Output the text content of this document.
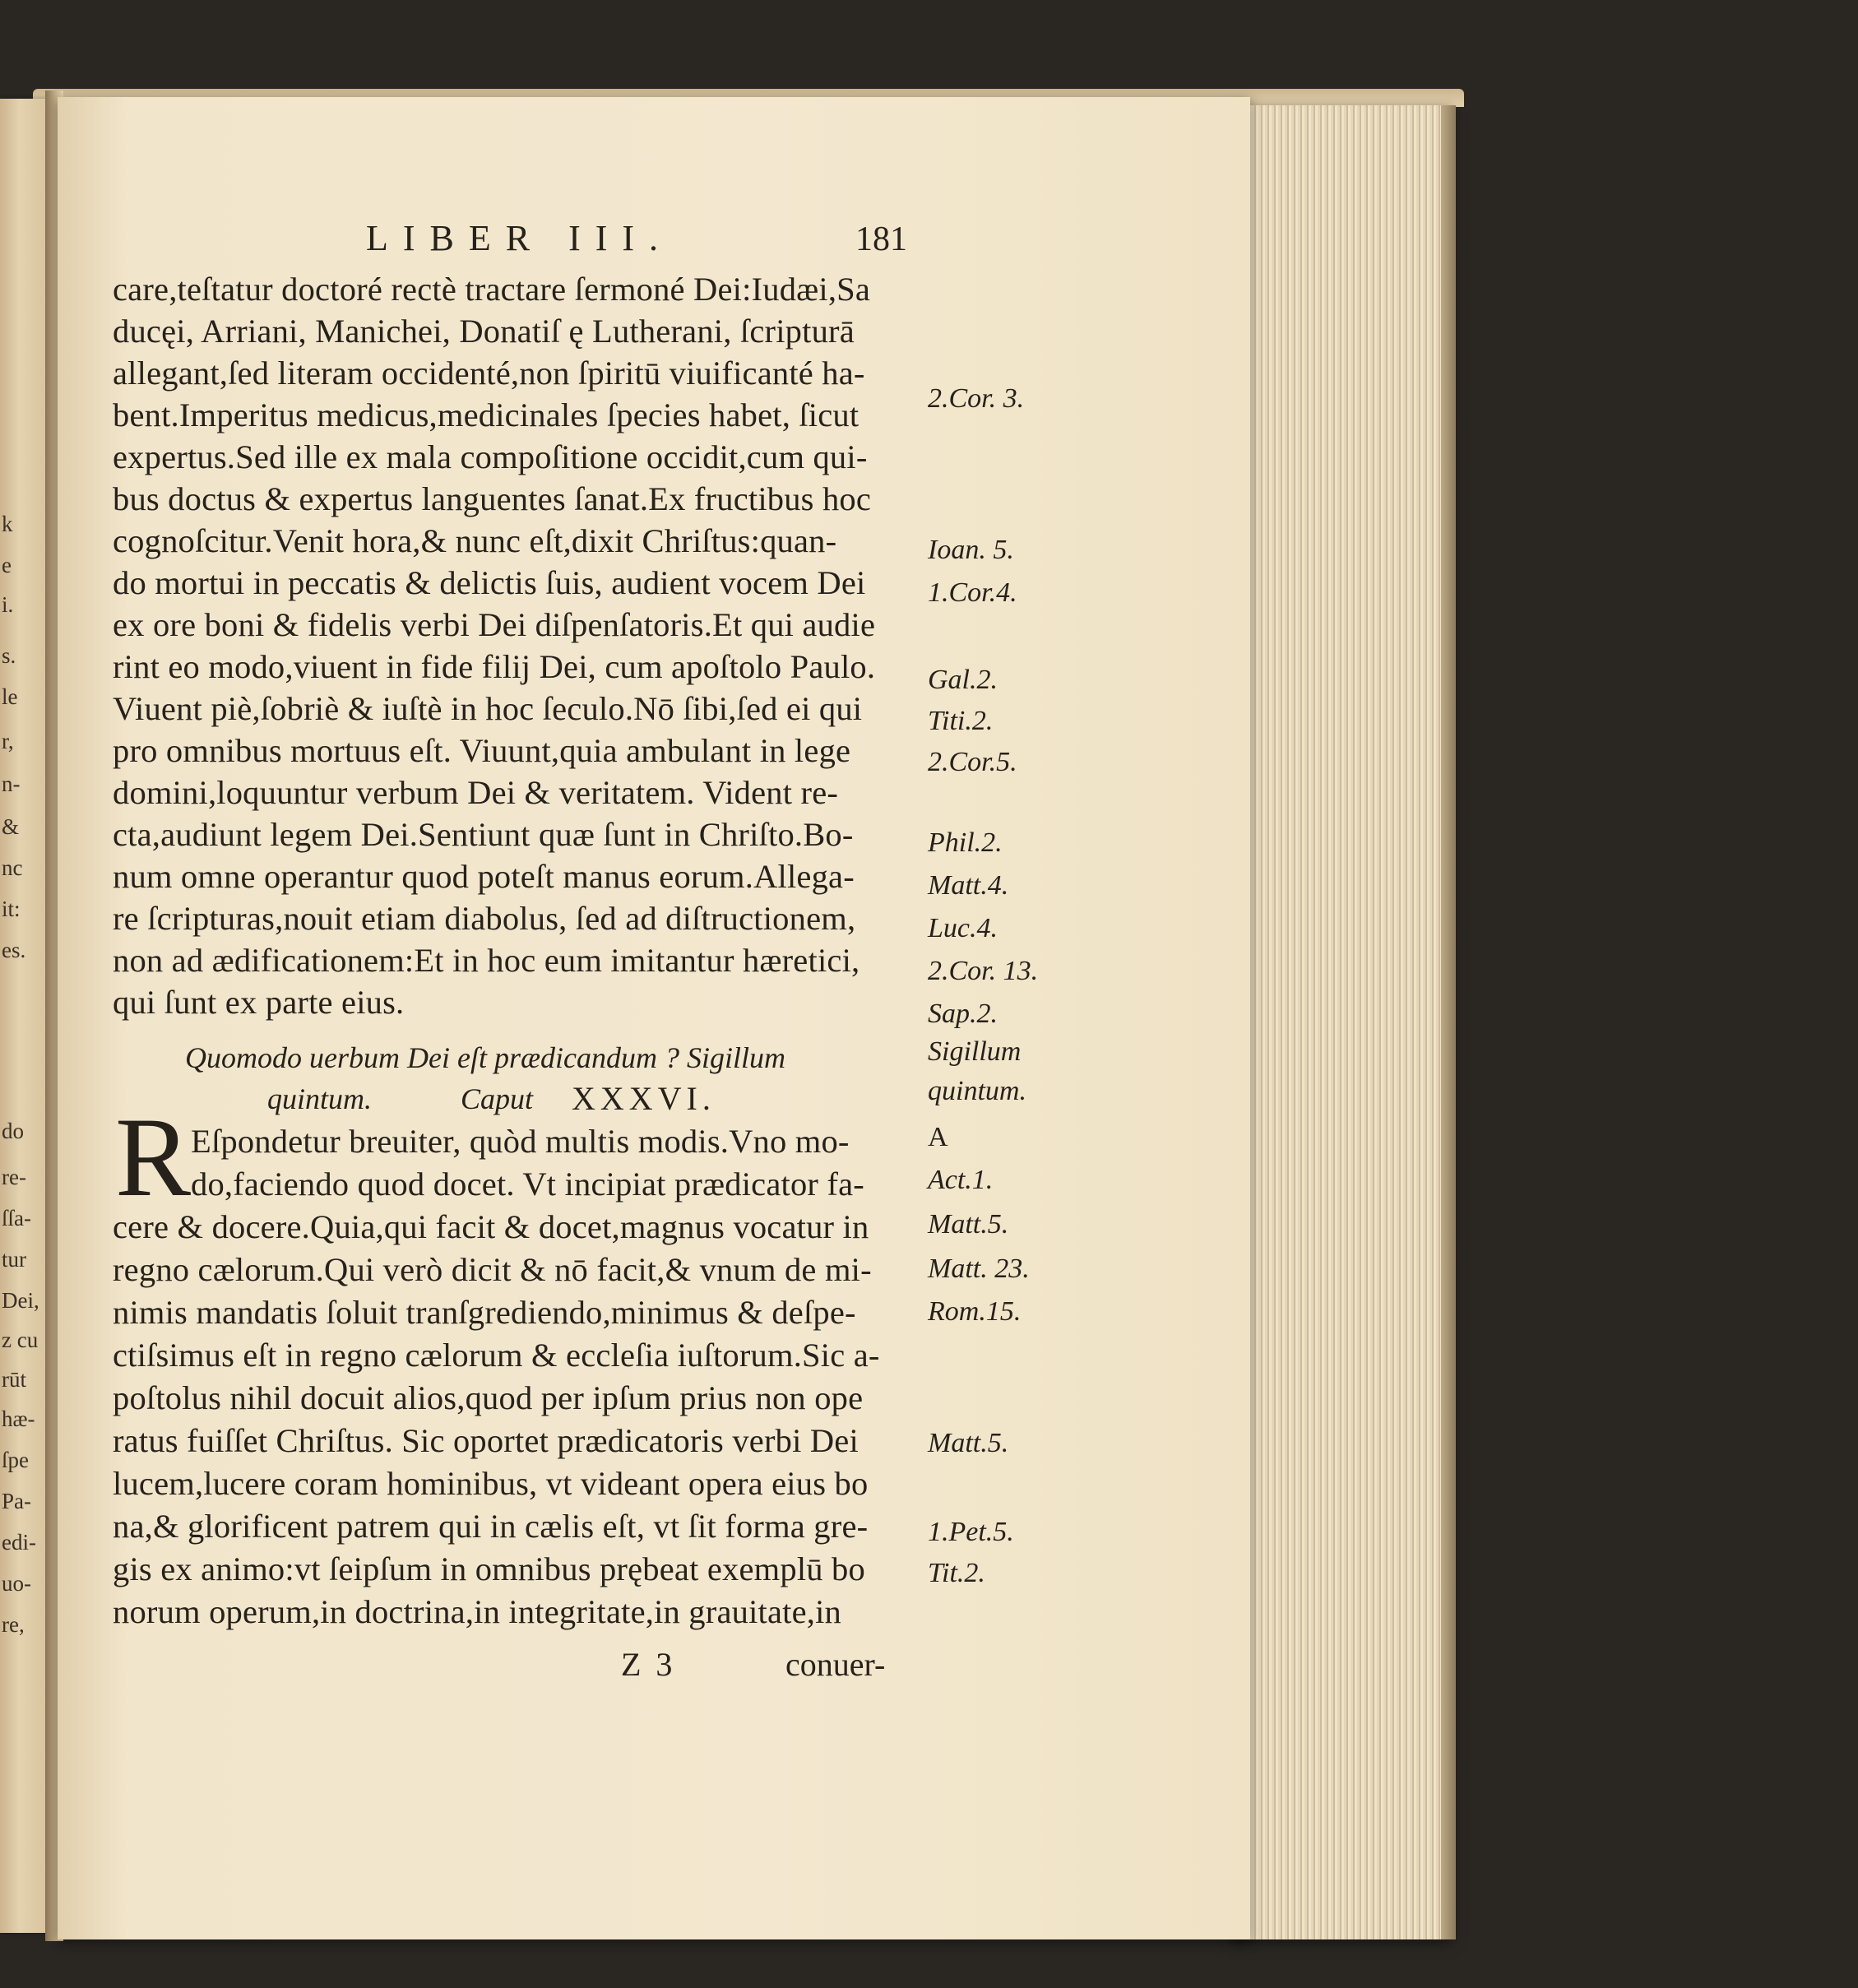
k
e
i.
s.
le
r,
n-
&
nc
it:
es.
do
re-
ſſa-
tur
Dei,
z cu
rūt
hæ-
ſpe
Pa-
edi-
uo-
re,
LIBER III.	181
care,teſtatur doctoré rectè tractare ſermoné Dei:Iudæi,Sa
ducęi, Arriani, Manichei, Donatiſ ę Lutherani, ſcripturā
allegant,ſed literam occidenté,non ſpiritū viuificanté ha-
bent.Imperitus medicus,medicinales ſpecies habet, ſicut
expertus.Sed ille ex mala compoſitione occidit,cum qui-
bus doctus & expertus languentes ſanat.Ex fructibus hoc
cognoſcitur.Venit hora,& nunc eſt,dixit Chriſtus:quan-
do mortui in peccatis & delictis ſuis, audient vocem Dei
ex ore boni & fidelis verbi Dei diſpenſatoris.Et qui audie
rint eo modo,viuent in fide filij Dei, cum apoſtolo Paulo.
Viuent piè,ſobriè & iuſtè in hoc ſeculo.Nō ſibi,ſed ei qui
pro omnibus mortuus eſt. Viuunt,quia ambulant in lege
domini,loquuntur verbum Dei & veritatem. Vident re-
cta,audiunt legem Dei.Sentiunt quæ ſunt in Chriſto.Bo-
num omne operantur quod poteſt manus eorum.Allega-
re ſcripturas,nouit etiam diabolus, ſed ad diſtructionem,
non ad ædificationem:Et in hoc eum imitantur hæretici,
qui ſunt ex parte eius.
Quomodo uerbum Dei eſt prædicandum ? Sigillum
quintum.	Caput XXXVI.
R Eſpondetur breuiter, quòd multis modis.Vno mo-
do,faciendo quod docet. Vt incipiat prædicator fa-
cere & docere.Quia,qui facit & docet,magnus vocatur in
regno cælorum.Qui verò dicit & nō facit,& vnum de mi-
nimis mandatis ſoluit tranſgrediendo,minimus & deſpe-
ctiſsimus eſt in regno cælorum & eccleſia iuſtorum.Sic a-
poſtolus nihil docuit alios,quod per ipſum prius non ope
ratus fuiſſet Chriſtus. Sic oportet prædicatoris verbi Dei
lucem,lucere coram hominibus, vt videant opera eius bo
na,& glorificent patrem qui in cælis eſt, vt ſit forma gre-
gis ex animo:vt ſeipſum in omnibus prębeat exemplū bo
norum operum,in doctrina,in integritate,in grauitate,in
Z 3	conuer-
2.Cor. 3.
Ioan. 5.
1.Cor.4.
Gal.2.
Titi.2.
2.Cor.5.
Phil.2.
Matt.4.
Luc.4.
2.Cor. 13.
Sap.2.
Sigillum
quintum.
A
Act.1.
Matt.5.
Matt. 23.
Rom.15.
Matt.5.
1.Pet.5.
Tit.2.
